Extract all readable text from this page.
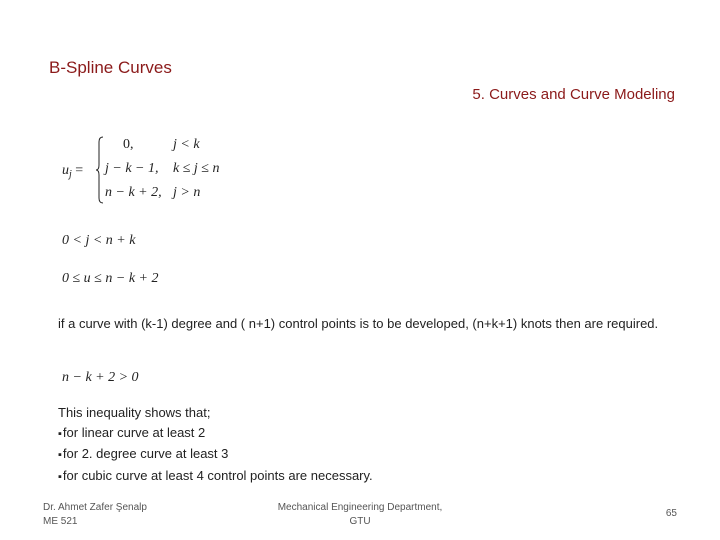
B-Spline Curves
5. Curves and Curve Modeling
$u_j$ =
0,	j < k
j − k − 1, k ≤ j ≤ n
n − k + 2, j > n
0 < j < n + k
0 ≤ u ≤ n − k + 2
if a curve with (k-1) degree and ( n+1) control points is to be developed, (n+k+1) knots then are required.
n − k + 2 > 0
This inequality shows that;
▪ for linear curve at least 2
▪ for 2. degree curve at least 3
▪ for cubic curve at least 4 control points are necessary.
Dr. Ahmet Zafer Şenalp
ME 521
Mechanical Engineering Department,
GTU
65
